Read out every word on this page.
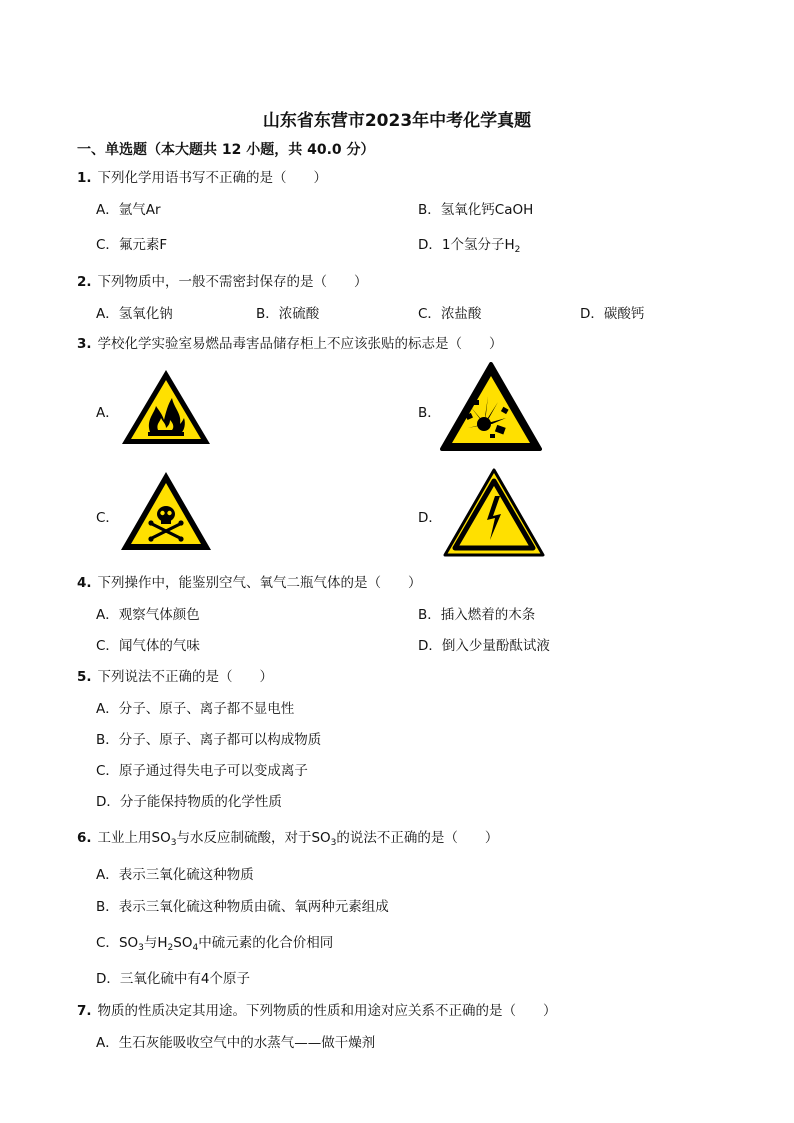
山东省东营市2023年中考化学真题
一、单选题（本大题共 12 小题，共 40.0 分）
1. 下列化学用语书写不正确的是（　　）
A．氩气Ar	B．氢氧化钙CaOH
C．氟元素F	D．1个氢分子$H_2$
2. 下列物质中，一般不需密封保存的是（　　）
A．氢氧化钠	B．浓硫酸	C．浓盐酸	D．碳酸钙
3. 学校化学实验室易燃品毒害品储存柜上不应该张贴的标志是（　　）
A．	B．
C．	D．
4. 下列操作中，能鉴别空气、氧气二瓶气体的是（　　）
A．观察气体颜色	B．插入燃着的木条
C．闻气体的气味	D．倒入少量酚酞试液
5. 下列说法不正确的是（　　）
A．分子、原子、离子都不显电性
B．分子、原子、离子都可以构成物质
C．原子通过得失电子可以变成离子
D．分子能保持物质的化学性质
6. 工业上用$SO_3$与水反应制硫酸，对于$SO_3$的说法不正确的是（　　）
A．表示三氧化硫这种物质
B．表示三氧化硫这种物质由硫、氧两种元素组成
C．$SO_3$与$H_2SO_4$中硫元素的化合价相同
D．三氧化硫中有4个原子
7. 物质的性质决定其用途。下列物质的性质和用途对应关系不正确的是（　　）
A．生石灰能吸收空气中的水蒸气——做干燥剂
